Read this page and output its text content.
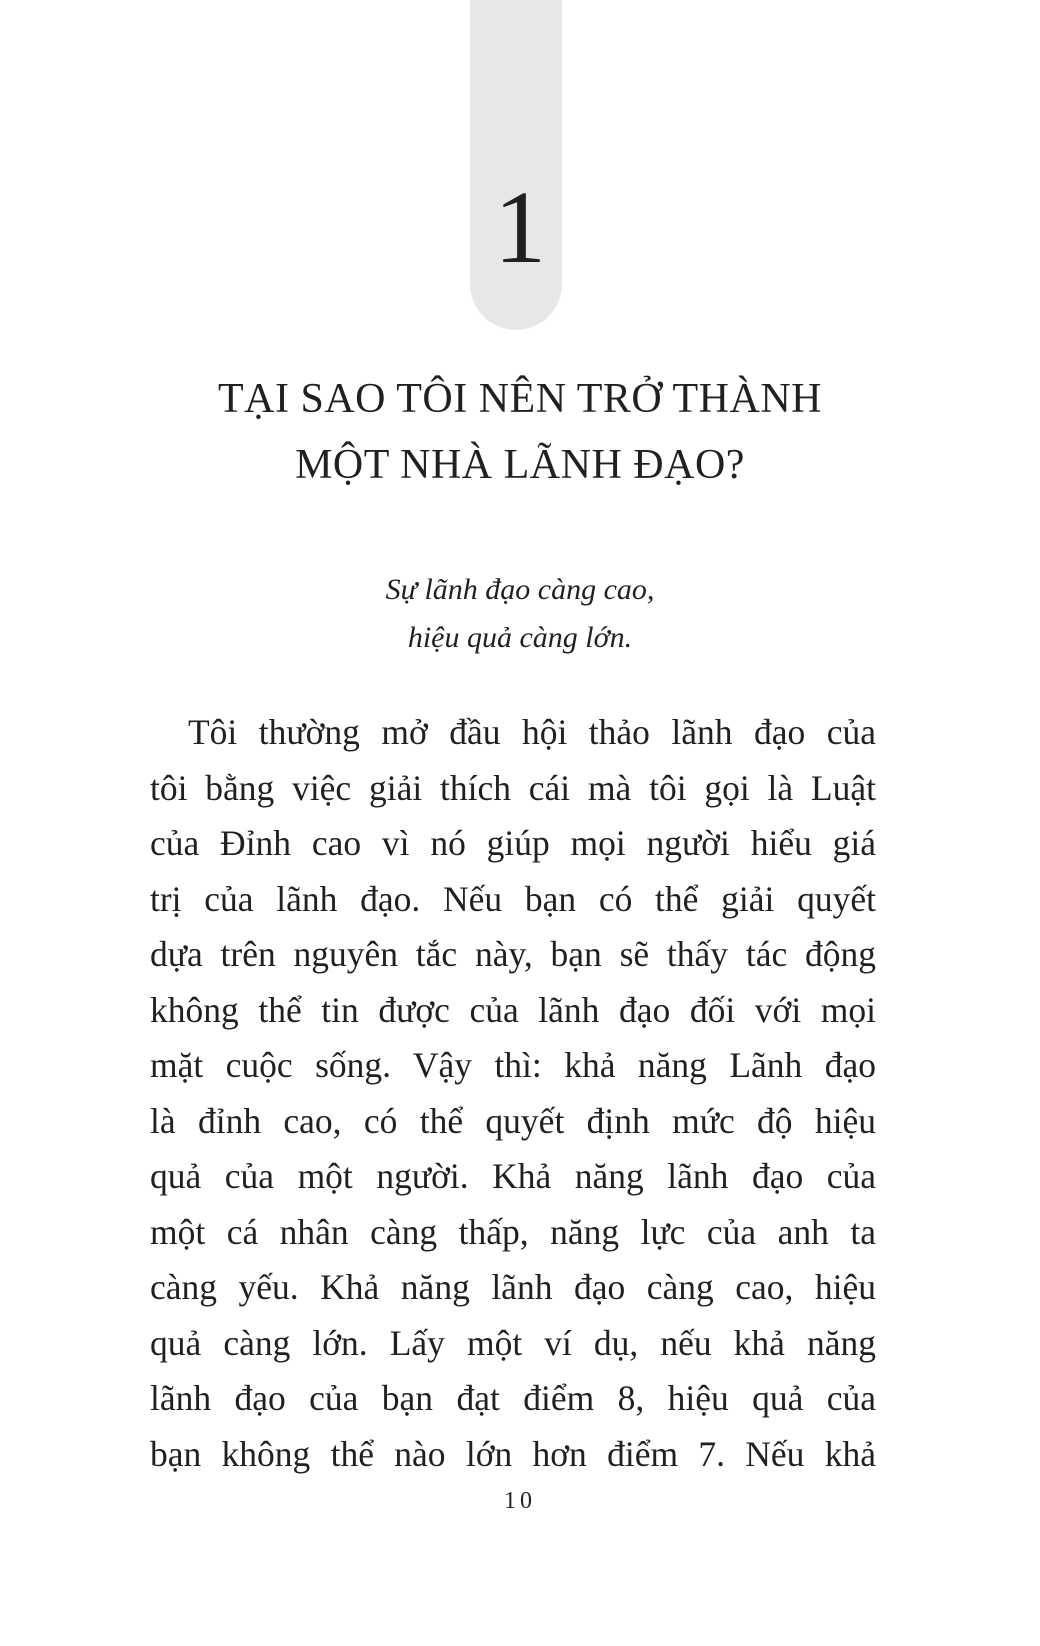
1
TẠI SAO TÔI NÊN TRỞ THÀNH
MỘT NHÀ LÃNH ĐẠO?
Sự lãnh đạo càng cao,
hiệu quả càng lớn.

Tôi thường mở đầu hội thảo lãnh đạo của
tôi bằng việc giải thích cái mà tôi gọi là Luật
của Đỉnh cao vì nó giúp mọi người hiểu giá
trị của lãnh đạo. Nếu bạn có thể giải quyết
dựa trên nguyên tắc này, bạn sẽ thấy tác động
không thể tin được của lãnh đạo đối với mọi
mặt cuộc sống. Vậy thì: khả năng Lãnh đạo
là đỉnh cao, có thể quyết định mức độ hiệu
quả của một người. Khả năng lãnh đạo của
một cá nhân càng thấp, năng lực của anh ta
càng yếu. Khả năng lãnh đạo càng cao, hiệu
quả càng lớn. Lấy một ví dụ, nếu khả năng
lãnh đạo của bạn đạt điểm 8, hiệu quả của
bạn không thể nào lớn hơn điểm 7. Nếu khả

10
